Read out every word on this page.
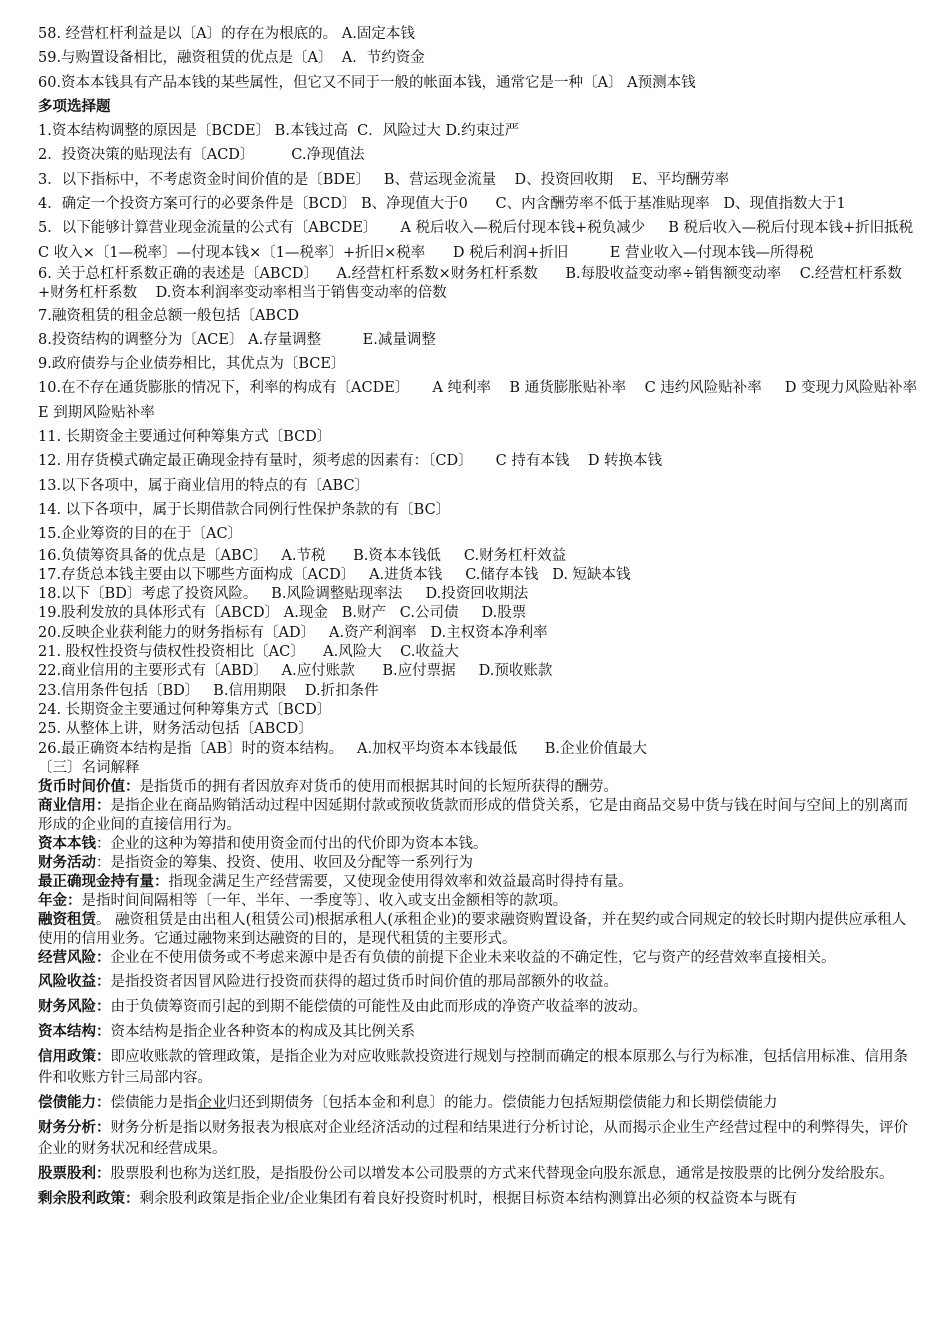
58. 经营杠杆利益是以〔A〕的存在为根底的。 A.固定本钱
59.与购置设备相比，融资租赁的优点是〔A〕  A．节约资金
60.资本本钱具有产品本钱的某些属性，但它又不同于一般的帐面本钱，通常它是一种〔A〕 A预测本钱
多项选择题
1.资本结构调整的原因是〔BCDE〕 B.本钱过高  C．风险过大 D.约束过严
2．投资决策的贴现法有〔ACD〕        C.净现值法
3．以下指标中，不考虑资金时间价值的是〔BDE〕   B、营运现金流量    D、投资回收期    E、平均酬劳率
4．确定一个投资方案可行的必要条件是〔BCD〕 B、净现值大于0      C、内含酬劳率不低于基准贴现率   D、现值指数大于1
5．以下能够计算营业现金流量的公式有〔ABCDE〕     A 税后收入—税后付现本钱+税负减少     B 税后收入—税后付现本钱+折旧抵税     C 收入×〔1—税率〕—付现本钱×〔1—税率〕+折旧×税率      D 税后利润+折旧         E 营业收入—付现本钱—所得税
6. 关于总杠杆系数正确的表述是〔ABCD〕    A.经营杠杆系数×财务杠杆系数      B.每股收益变动率÷销售额变动率    C.经营杠杆系数+财务杠杆系数    D.资本利润率变动率相当于销售变动率的倍数
7.融资租赁的租金总额一般包括〔ABCD
8.投资结构的调整分为〔ACE〕 A.存量调整         E.减量调整
9.政府债券与企业债券相比，其优点为〔BCE〕
10.在不存在通货膨胀的情况下，利率的构成有〔ACDE〕     A 纯利率    B 通货膨胀贴补率    C 违约风险贴补率     D 变现力风险贴补率      E 到期风险贴补率
11. 长期资金主要通过何种筹集方式〔BCD〕
12. 用存货模式确定最正确现金持有量时，须考虑的因素有：〔CD〕     C 持有本钱    D 转换本钱
13.以下各项中，属于商业信用的特点的有〔ABC〕
14. 以下各项中，属于长期借款合同例行性保护条款的有〔BC〕
15.企业筹资的目的在于〔AC〕
16.负债筹资具备的优点是〔ABC〕   A.节税      B.资本本钱低     C.财务杠杆效益
17.存货总本钱主要由以下哪些方面构成〔ACD〕   A.进货本钱     C.储存本钱   D. 短缺本钱
18.以下〔BD〕考虑了投资风险。   B.风险调整贴现率法     D.投资回收期法
19.股利发放的具体形式有〔ABCD〕 A.现金   B.财产   C.公司债     D.股票
20.反映企业获利能力的财务指标有〔AD〕   A.资产利润率   D.主权资本净利率
21. 股权性投资与债权性投资相比〔AC〕    A.风险大    C.收益大
22.商业信用的主要形式有〔ABD〕   A.应付账款      B.应付票据     D.预收账款
23.信用条件包括〔BD〕   B.信用期限    D.折扣条件
24. 长期资金主要通过何种筹集方式〔BCD〕
25. 从整体上讲，财务活动包括〔ABCD〕
26.最正确资本结构是指〔AB〕时的资本结构。   A.加权平均资本本钱最低      B.企业价值最大
〔三〕名词解释
货币时间价值：是指货币的拥有者因放弃对货币的使用而根据其时间的长短所获得的酬劳。
商业信用：是指企业在商品购销活动过程中因延期付款或预收货款而形成的借贷关系，它是由商品交易中货与钱在时间与空间上的别离而形成的企业间的直接信用行为。
资本本钱：企业的这种为筹措和使用资金而付出的代价即为资本本钱。
财务活动：是指资金的筹集、投资、使用、收回及分配等一系列行为
最正确现金持有量：指现金满足生产经营需要，又使现金使用得效率和效益最高时得持有量。
年金：是指时间间隔相等〔一年、半年、一季度等〕、收入或支出金额相等的款项。
融资租赁。 融资租赁是由出租人(租赁公司)根据承租人(承租企业)的要求融资购置设备，并在契约或合同规定的较长时期内提供应承租人使用的信用业务。它通过融物来到达融资的目的，是现代租赁的主要形式。
经营风险：企业在不使用债务或不考虑来源中是否有负债的前提下企业未来收益的不确定性，它与资产的经营效率直接相关。
风险收益：是指投资者因冒风险进行投资而获得的超过货币时间价值的那局部额外的收益。
财务风险：由于负债筹资而引起的到期不能偿债的可能性及由此而形成的净资产收益率的波动。
资本结构：资本结构是指企业各种资本的构成及其比例关系
信用政策：即应收账款的管理政策，是指企业为对应收账款投资进行规划与控制而确定的根本原那么与行为标准，包括信用标准、信用条件和收账方针三局部内容。
偿债能力：偿债能力是指企业归还到期债务〔包括本金和利息〕的能力。偿债能力包括短期偿债能力和长期偿债能力
财务分析：财务分析是指以财务报表为根底对企业经济活动的过程和结果进行分析讨论，从而揭示企业生产经营过程中的利弊得失，评价企业的财务状况和经营成果。
股票股利：股票股利也称为送红股，是指股份公司以增发本公司股票的方式来代替现金向股东派息，通常是按股票的比例分发给股东。
剩余股利政策：剩余股利政策是指企业/企业集团有着良好投资时机时，根据目标资本结构测算出必须的权益资本与既有
